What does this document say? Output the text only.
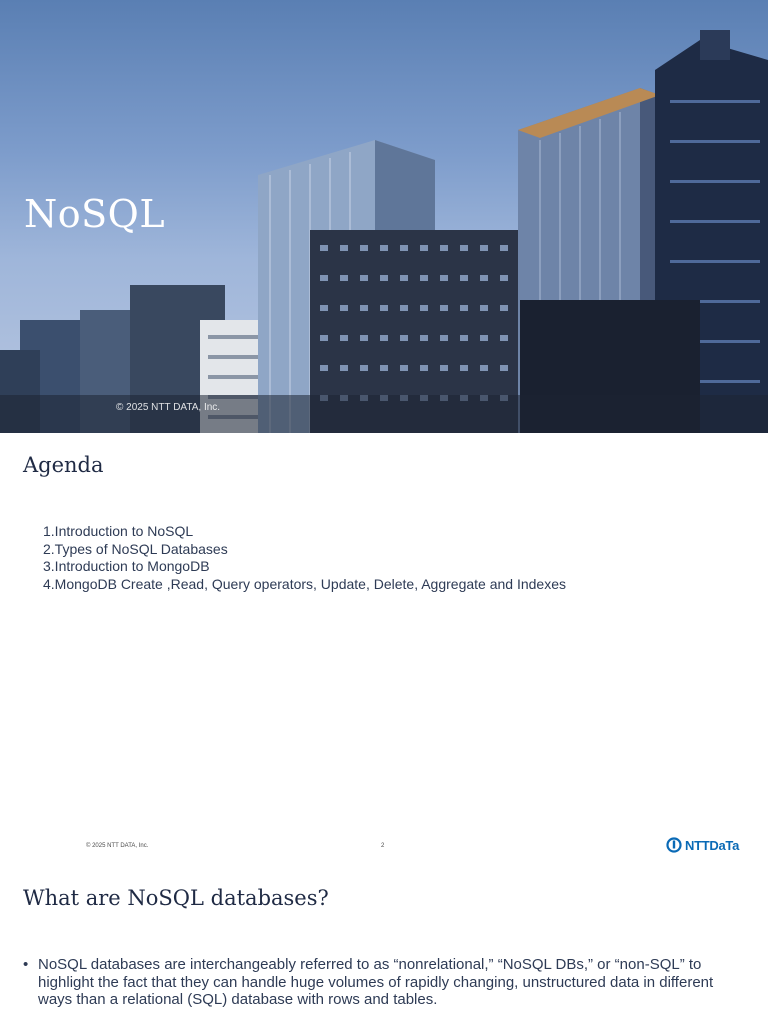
NoSQL
© 2025 NTT DATA, Inc.
Agenda
1.Introduction to NoSQL
2.Types of NoSQL Databases
3.Introduction to MongoDB
4.MongoDB Create ,Read, Query operators, Update, Delete, Aggregate and Indexes
© 2025 NTT DATA, Inc.	2	NTTDaTa
What are NoSQL databases?
• NoSQL databases are interchangeably referred to as “nonrelational,” “NoSQL DBs,” or “non-SQL” to highlight the fact that they can handle huge volumes of rapidly changing, unstructured data in different ways than a relational (SQL) database with rows and tables.
